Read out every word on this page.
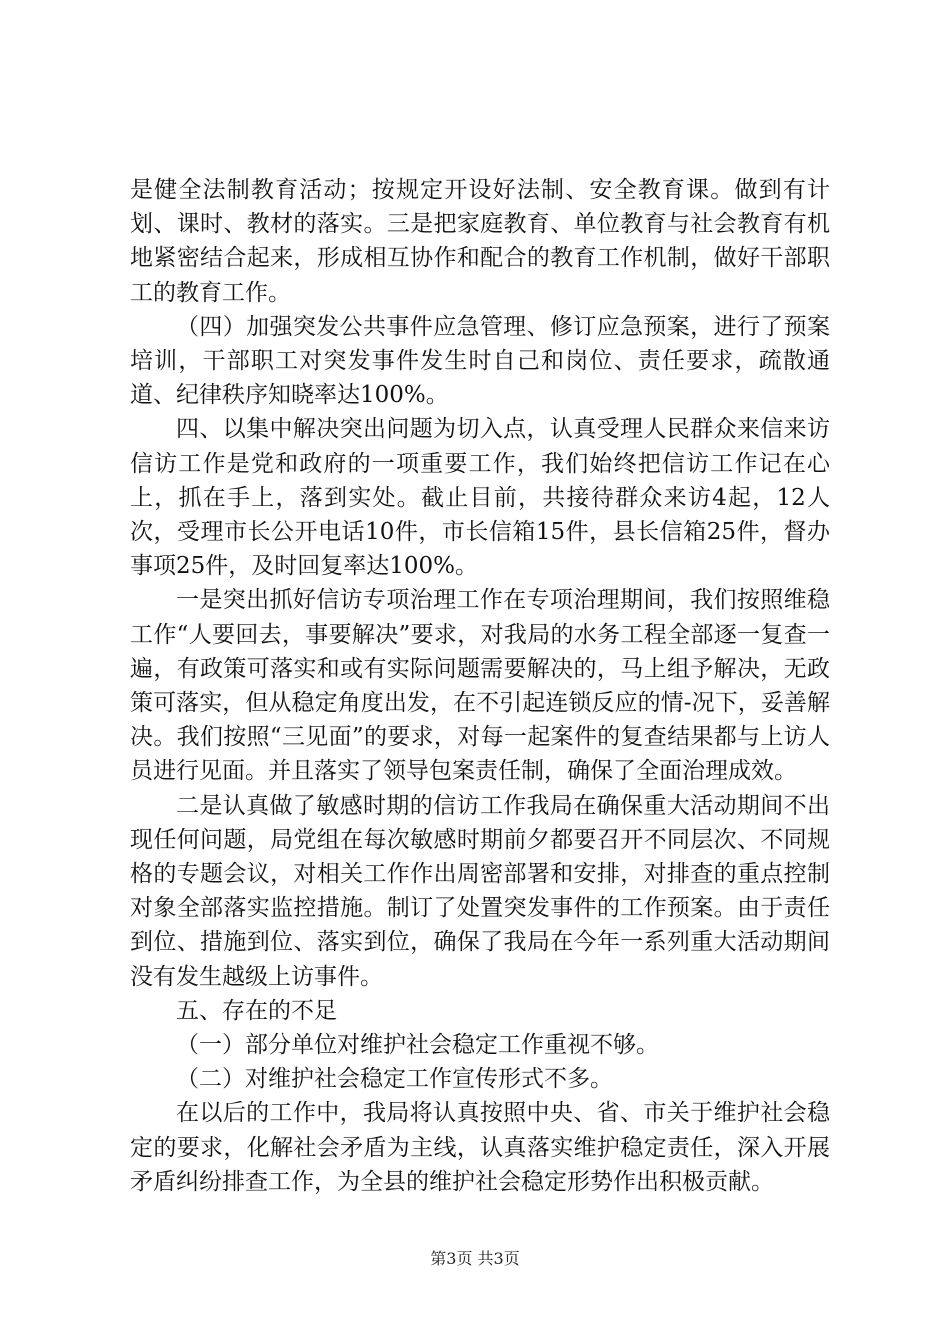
是健全法制教育活动；按规定开设好法制、安全教育课。做到有计划、课时、教材的落实。三是把家庭教育、单位教育与社会教育有机地紧密结合起来，形成相互协作和配合的教育工作机制，做好干部职工的教育工作。

（四）加强突发公共事件应急管理、修订应急预案，进行了预案培训，干部职工对突发事件发生时自己和岗位、责任要求，疏散通道、纪律秩序知晓率达100%。

四、以集中解决突出问题为切入点，认真受理人民群众来信来访信访工作是党和政府的一项重要工作，我们始终把信访工作记在心上，抓在手上，落到实处。截止目前，共接待群众来访4起，12人次，受理市长公开电话10件，市长信箱15件，县长信箱25件，督办事项25件，及时回复率达100%。

一是突出抓好信访专项治理工作在专项治理期间，我们按照维稳工作“人要回去，事要解决”要求，对我局的水务工程全部逐一复查一遍，有政策可落实和或有实际问题需要解决的，马上组予解决，无政策可落实，但从稳定角度出发，在不引起连锁反应的情-况下，妥善解决。我们按照“三见面”的要求，对每一起案件的复查结果都与上访人员进行见面。并且落实了领导包案责任制，确保了全面治理成效。

二是认真做了敏感时期的信访工作我局在确保重大活动期间不出现任何问题，局党组在每次敏感时期前夕都要召开不同层次、不同规格的专题会议，对相关工作作出周密部署和安排，对排查的重点控制对象全部落实监控措施。制订了处置突发事件的工作预案。由于责任到位、措施到位、落实到位，确保了我局在今年一系列重大活动期间没有发生越级上访事件。

五、存在的不足

（一）部分单位对维护社会稳定工作重视不够。

（二）对维护社会稳定工作宣传形式不多。

在以后的工作中，我局将认真按照中央、省、市关于维护社会稳定的要求，化解社会矛盾为主线，认真落实维护稳定责任，深入开展矛盾纠纷排查工作，为全县的维护社会稳定形势作出积极贡献。

第3页 共3页
